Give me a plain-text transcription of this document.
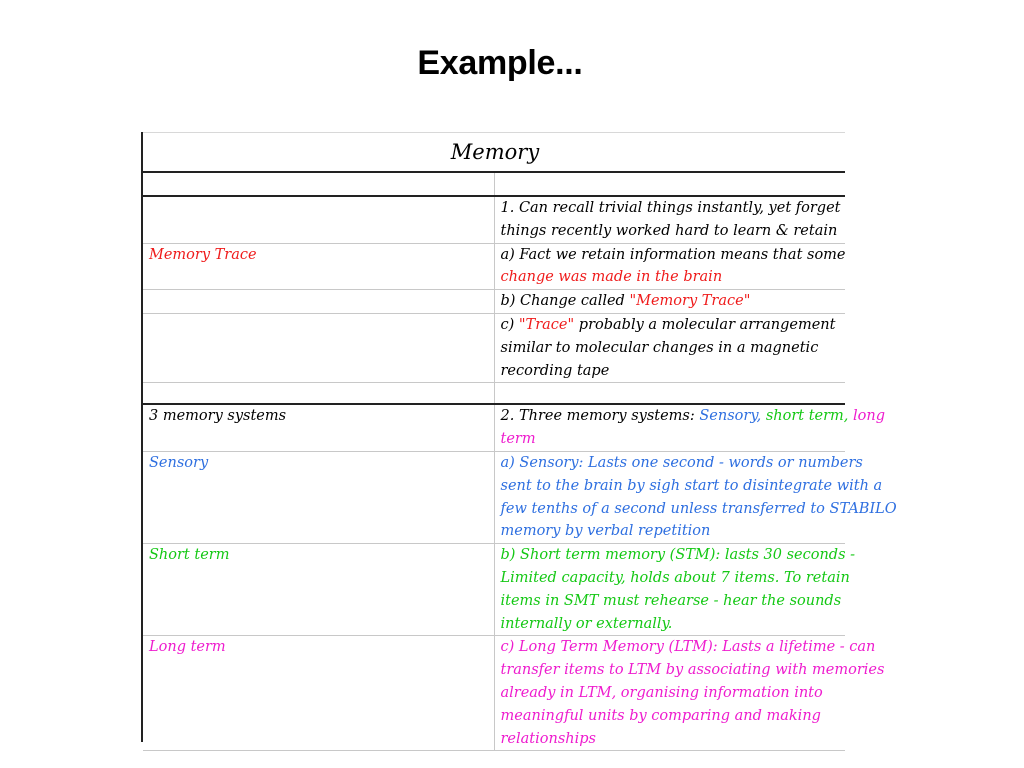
Example...
Memory	

	1. Can recall trivial things instantly, yet forget
things recently worked hard to learn & retain

Memory Trace	a) Fact we retain information means that some
change was made in the brain

	b) Change called "Memory Trace"

	c) "Trace" probably a molecular arrangement
similar to molecular changes in a magnetic
recording tape

3 memory systems	2. Three memory systems: Sensory, short term, long
term

Sensory	a) Sensory: Lasts one second - words or numbers
sent to the brain by sigh start to disintegrate with a
few tenths of a second unless transferred to STABILO
memory by verbal repetition

Short term	b) Short term memory (STM): lasts 30 seconds -
Limited capacity, holds about 7 items. To retain
items in SMT must rehearse - hear the sounds
internally or externally.

Long term	c) Long Term Memory (LTM): Lasts a lifetime - can
transfer items to LTM by associating with memories
already in LTM, organising information into
meaningful units by comparing and making
relationships
